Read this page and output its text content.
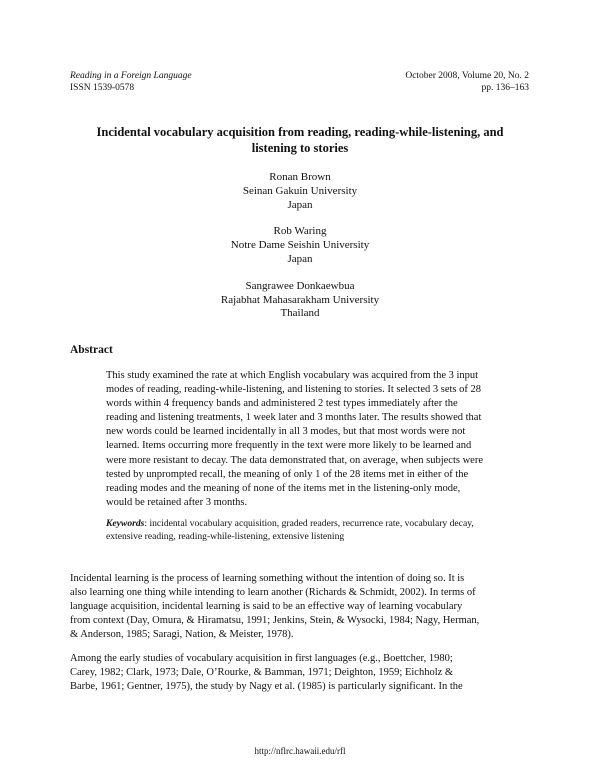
Reading in a Foreign Language
ISSN 1539-0578
October 2008, Volume 20, No. 2
pp. 136–163
Incidental vocabulary acquisition from reading, reading-while-listening, and
listening to stories
Ronan Brown
Seinan Gakuin University
Japan
Rob Waring
Notre Dame Seishin University
Japan
Sangrawee Donkaewbua
Rajabhat Mahasarakham University
Thailand
Abstract
This study examined the rate at which English vocabulary was acquired from the 3 input
modes of reading, reading-while-listening, and listening to stories. It selected 3 sets of 28
words within 4 frequency bands and administered 2 test types immediately after the
reading and listening treatments, 1 week later and 3 months later. The results showed that
new words could be learned incidentally in all 3 modes, but that most words were not
learned. Items occurring more frequently in the text were more likely to be learned and
were more resistant to decay. The data demonstrated that, on average, when subjects were
tested by unprompted recall, the meaning of only 1 of the 28 items met in either of the
reading modes and the meaning of none of the items met in the listening-only mode,
would be retained after 3 months.
Keywords: incidental vocabulary acquisition, graded readers, recurrence rate, vocabulary decay,
extensive reading, reading-while-listening, extensive listening
Incidental learning is the process of learning something without the intention of doing so. It is
also learning one thing while intending to learn another (Richards & Schmidt, 2002). In terms of
language acquisition, incidental learning is said to be an effective way of learning vocabulary
from context (Day, Omura, & Hiramatsu, 1991; Jenkins, Stein, & Wysocki, 1984; Nagy, Herman,
& Anderson, 1985; Saragi, Nation, & Meister, 1978).
Among the early studies of vocabulary acquisition in first languages (e.g., Boettcher, 1980;
Carey, 1982; Clark, 1973; Dale, O’Rourke, & Bamman, 1971; Deighton, 1959; Eichholz &
Barbe, 1961; Gentner, 1975), the study by Nagy et al. (1985) is particularly significant. In the
http://nflrc.hawaii.edu/rfl
